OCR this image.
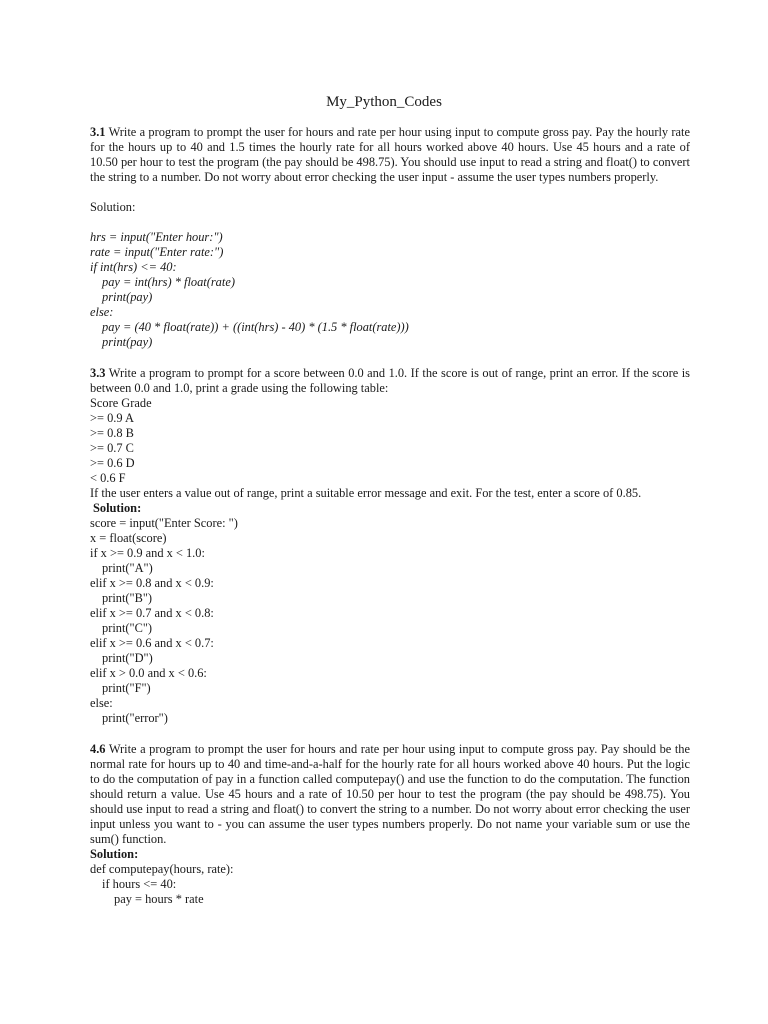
My_Python_Codes

3.1 Write a program to prompt the user for hours and rate per hour using input to compute gross pay. Pay the hourly rate for the hours up to 40 and 1.5 times the hourly rate for all hours worked above 40 hours. Use 45 hours and a rate of 10.50 per hour to test the program (the pay should be 498.75). You should use input to read a string and float() to convert the string to a number. Do not worry about error checking the user input - assume the user types numbers properly.

Solution:
hrs = input("Enter hour:")
rate = input("Enter rate:")
if int(hrs) <= 40:
pay = int(hrs) * float(rate)
print(pay)
else:
pay = (40 * float(rate)) + ((int(hrs) - 40) * (1.5 * float(rate)))
print(pay)

3.3 Write a program to prompt for a score between 0.0 and 1.0. If the score is out of range, print an error. If the score is between 0.0 and 1.0, print a grade using the following table:

Score Grade
>= 0.9 A
>= 0.8 B
>= 0.7 C
>= 0.6 D
< 0.6 F
If the user enters a value out of range, print a suitable error message and exit. For the test, enter a score of 0.85.
Solution:
score = input("Enter Score: ")
x = float(score)
if x >= 0.9 and x < 1.0:
print("A")
elif x >= 0.8 and x < 0.9:
print("B")
elif x >= 0.7 and x < 0.8:
print("C")
elif x >= 0.6 and x < 0.7:
print("D")
elif x > 0.0 and x < 0.6:
print("F")
else:
print("error")

4.6 Write a program to prompt the user for hours and rate per hour using input to compute gross pay. Pay should be the normal rate for hours up to 40 and time-and-a-half for the hourly rate for all hours worked above 40 hours. Put the logic to do the computation of pay in a function called computepay() and use the function to do the computation. The function should return a value. Use 45 hours and a rate of 10.50 per hour to test the program (the pay should be 498.75). You should use input to read a string and float() to convert the string to a number. Do not worry about error checking the user input unless you want to - you can assume the user types numbers properly. Do not name your variable sum or use the sum() function.

Solution:
def computepay(hours, rate):
if hours <= 40:
pay = hours * rate
